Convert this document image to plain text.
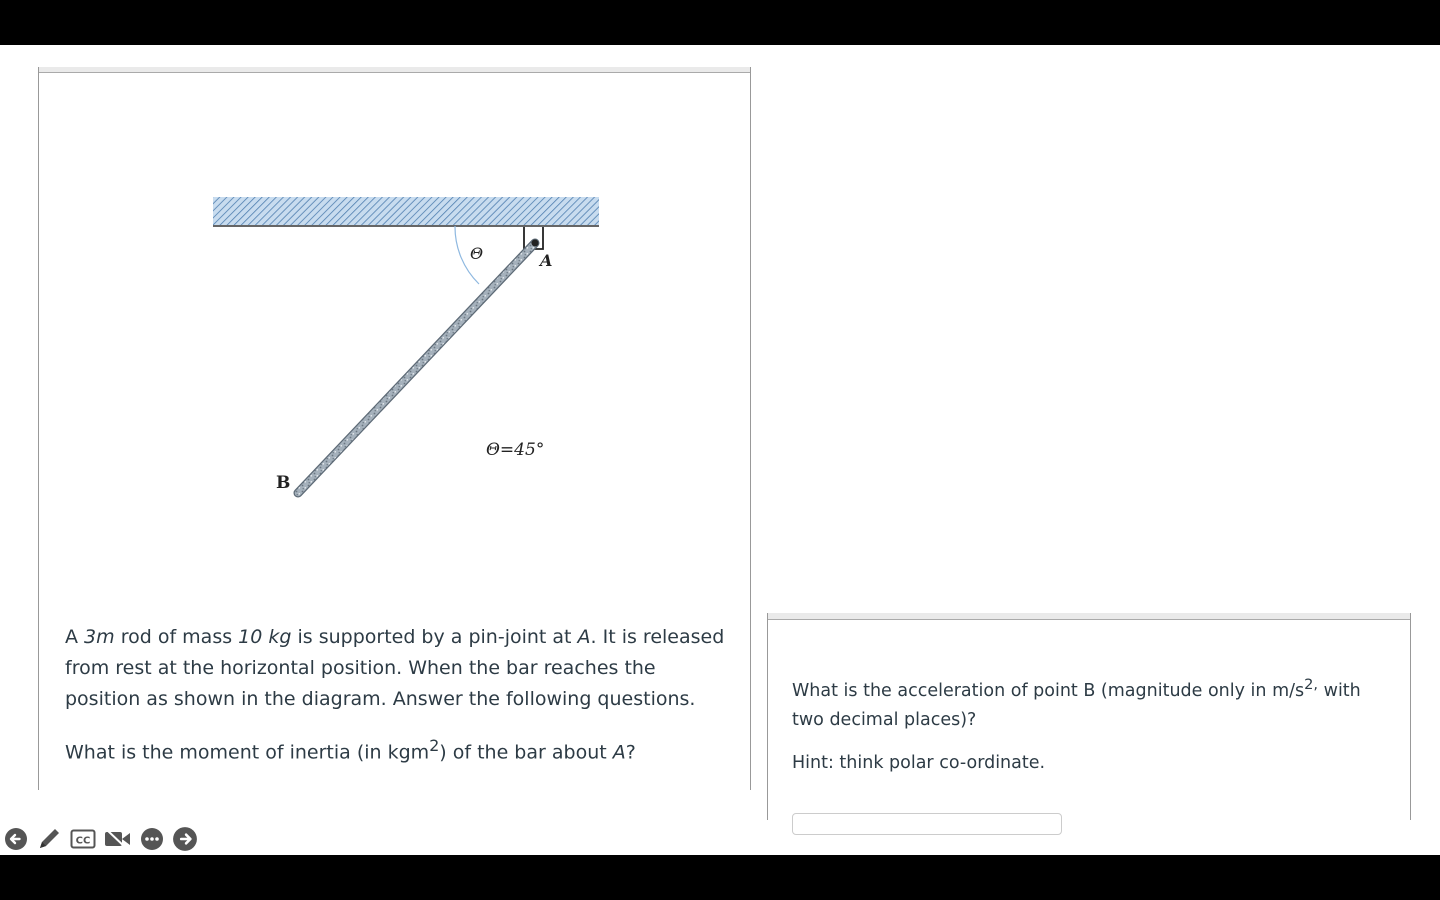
Θ	A
Θ=45°
B

A 3m rod of mass 10 kg is supported by a pin-joint at A. It is released from rest at the horizontal position. When the bar reaches the position as shown in the diagram. Answer the following questions.

What is the moment of inertia (in kgm$^2$) of the bar about A?

What is the acceleration of point B (magnitude only in $m/s^{2,}$ with two decimal places)?

Hint: think polar co-ordinate.

CC
